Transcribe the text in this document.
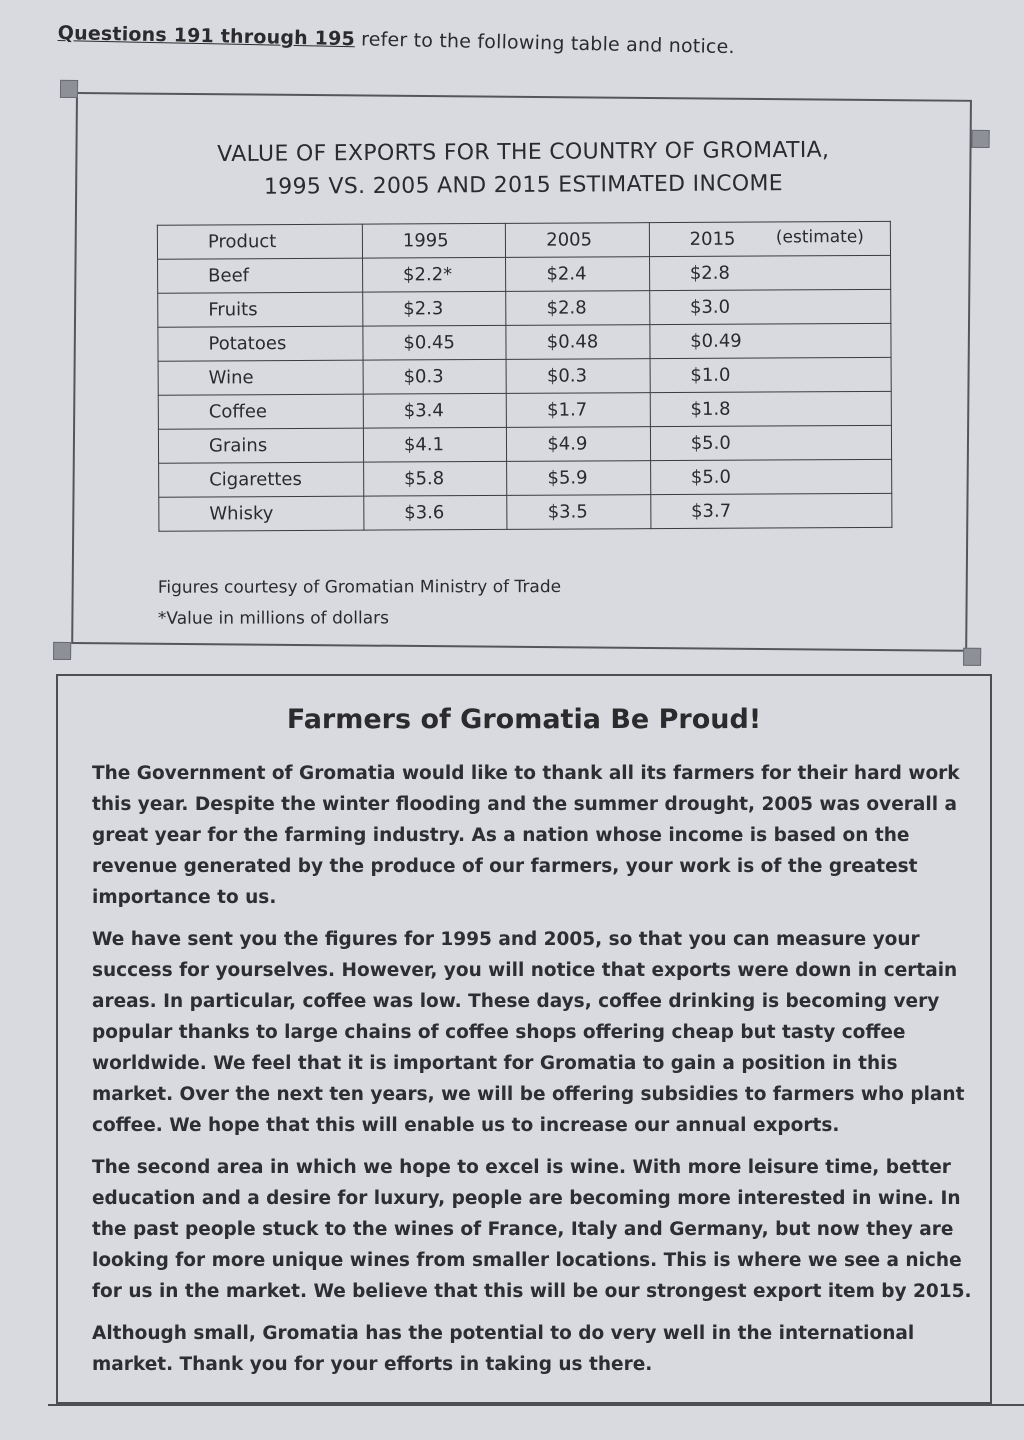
Questions 191 through 195 refer to the following table and notice.
VALUE OF EXPORTS FOR THE COUNTRY OF GROMATIA,
1995 VS. 2005 AND 2015 ESTIMATED INCOME
Product	1995	2005	2015 (estimate)

Beef	$2.2*	$2.4	$2.8
Fruits	$2.3	$2.8	$3.0
Potatoes	$0.45	$0.48	$0.49
Wine	$0.3	$0.3	$1.0
Coffee	$3.4	$1.7	$1.8
Grains	$4.1	$4.9	$5.0
Cigarettes	$5.8	$5.9	$5.0
Whisky	$3.6	$3.5	$3.7
Figures courtesy of Gromatian Ministry of Trade
*Value in millions of dollars
Farmers of Gromatia Be Proud!

The Government of Gromatia would like to thank all its farmers for their hard work this year. Despite the winter flooding and the summer drought, 2005 was overall a great year for the farming industry. As a nation whose income is based on the revenue generated by the produce of our farmers, your work is of the greatest importance to us.

We have sent you the figures for 1995 and 2005, so that you can measure your success for yourselves. However, you will notice that exports were down in certain areas. In particular, coffee was low. These days, coffee drinking is becoming very popular thanks to large chains of coffee shops offering cheap but tasty coffee worldwide. We feel that it is important for Gromatia to gain a position in this market. Over the next ten years, we will be offering subsidies to farmers who plant coffee. We hope that this will enable us to increase our annual exports.

The second area in which we hope to excel is wine. With more leisure time, better education and a desire for luxury, people are becoming more interested in wine. In the past people stuck to the wines of France, Italy and Germany, but now they are looking for more unique wines from smaller locations. This is where we see a niche for us in the market. We believe that this will be our strongest export item by 2015.

Although small, Gromatia has the potential to do very well in the international market. Thank you for your efforts in taking us there.
